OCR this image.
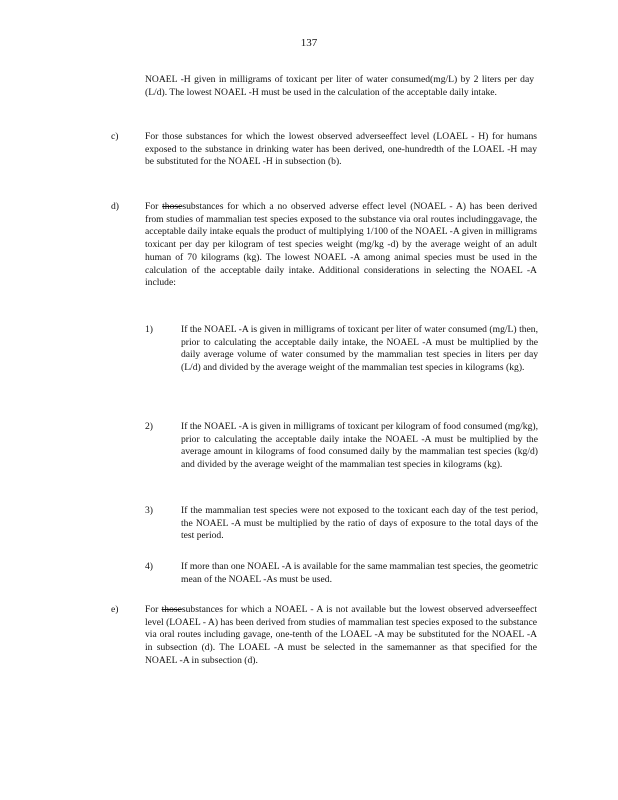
137

NOAEL -H given in milligrams of toxicant per liter of water consumed(mg/L) by 2 liters per day (L/d). The lowest NOAEL -H must be used in the calculation of the acceptable daily intake.

c)	For those substances for which the lowest observed adverseeffect level (LOAEL - H) for humans exposed to the substance in drinking water has been derived, one-hundredth of the LOAEL -H may be substituted for the NOAEL -H in subsection (b).

d)	For thosesubstances for which a no observed adverse effect level (NOAEL - A) has been derived from studies of mammalian test species exposed to the substance via oral routes includinggavage, the acceptable daily intake equals the product of multiplying 1/100 of the NOAEL -A given in milligrams toxicant per day per kilogram of test species weight (mg/kg -d) by the average weight of an adult human of 70 kilograms (kg). The lowest NOAEL -A among animal species must be used in the calculation of the acceptable daily intake. Additional considerations in selecting the NOAEL -A include:

1)	If the NOAEL -A is given in milligrams of toxicant per liter of water consumed (mg/L) then, prior to calculating the acceptable daily intake, the NOAEL -A must be multiplied by the daily average volume of water consumed by the mammalian test species in liters per day (L/d) and divided by the average weight of the mammalian test species in kilograms (kg).

2)	If the NOAEL -A is given in milligrams of toxicant per kilogram of food consumed (mg/kg), prior to calculating the acceptable daily intake the NOAEL -A must be multiplied by the average amount in kilograms of food consumed daily by the mammalian test species (kg/d) and divided by the average weight of the mammalian test species in kilograms (kg).

3)	If the mammalian test species were not exposed to the toxicant each day of the test period, the NOAEL -A must be multiplied by the ratio of days of exposure to the total days of the test period.

4)	If more than one NOAEL -A is available for the same mammalian test species, the geometric mean of the NOAEL -As must be used.

e)	For thosesubstances for which a NOAEL - A is not available but the lowest observed adverseeffect level (LOAEL - A) has been derived from studies of mammalian test species exposed to the substance via oral routes including gavage, one-tenth of the LOAEL -A may be substituted for the NOAEL -A in subsection (d). The LOAEL -A must be selected in the samemanner as that specified for the NOAEL -A in subsection (d).
